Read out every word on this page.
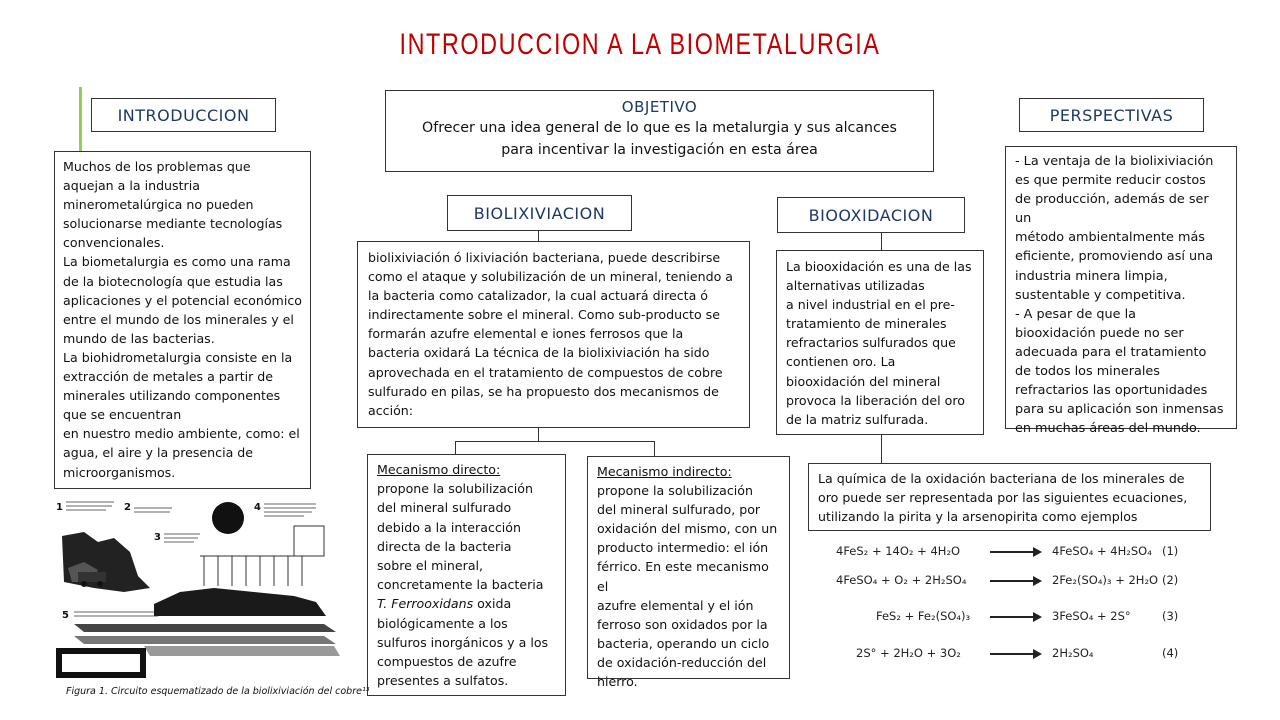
INTRODUCCION A LA BIOMETALURGIA
INTRODUCCION
Muchos de los problemas que
aquejan a la industria
minerometalúrgica no pueden
solucionarse mediante tecnologías
convencionales.
La biometalurgia es como una rama
de la biotecnología que estudia las
aplicaciones y el potencial económico
entre el mundo de los minerales y el
mundo de las bacterias.
La biohidrometalurgia consiste en la
extracción de metales a partir de
minerales utilizando componentes
que se encuentran
en nuestro medio ambiente, como: el
agua, el aire y la presencia de
microorganismos.
OBJETIVO
Ofrecer una idea general de lo que es la metalurgia y sus alcances
para incentivar la investigación en esta área
PERSPECTIVAS
- La ventaja de la biolixiviación
es que permite reducir costos
de producción, además de ser un
método ambientalmente más
eficiente, promoviendo así una
industria minera limpia,
sustentable y competitiva.
- A pesar de que la
biooxidación puede no ser
adecuada para el tratamiento
de todos los minerales
refractarios las oportunidades
para su aplicación son inmensas
en muchas áreas del mundo.
BIOLIXIVIACION
biolixiviación ó lixiviación bacteriana, puede describirse
como el ataque y solubilización de un mineral, teniendo a
la bacteria como catalizador, la cual actuará directa ó
indirectamente sobre el mineral. Como sub-producto se
formarán azufre elemental e iones ferrosos que la
bacteria oxidará La técnica de la biolixiviación ha sido
aprovechada en el tratamiento de compuestos de cobre
sulfurado en pilas, se ha propuesto dos mecanismos de
acción:
Mecanismo directo:
propone la solubilización
del mineral sulfurado
debido a la interacción
directa de la bacteria
sobre el mineral,
concretamente la bacteria
T. Ferrooxidans oxida
biológicamente a los
sulfuros inorgánicos y a los
compuestos de azufre
presentes a sulfatos.
Mecanismo indirecto:
propone la solubilización
del mineral sulfurado, por
oxidación del mismo, con un
producto intermedio: el ión
férrico. En este mecanismo el
azufre elemental y el ión
ferroso son oxidados por la
bacteria, operando un ciclo
de oxidación-reducción del
hierro.
BIOOXIDACION
La biooxidación es una de las
alternativas utilizadas
a nivel industrial en el pre-
tratamiento de minerales
refractarios sulfurados que
contienen oro. La
biooxidación del mineral
provoca la liberación del oro
de la matriz sulfurada.
La química de la oxidación bacteriana de los minerales de
oro puede ser representada por las siguientes ecuaciones,
utilizando la pirita y la arsenopirita como ejemplos
4FeS₂ + 14O₂ + 4H₂O	4FeSO₄ + 4H₂SO₄ (1)
4FeSO₄ + O₂ + 2H₂SO₄	2Fe₂(SO₄)₃ + 2H₂O (2)
FeS₂ + Fe₂(SO₄)₃	3FeSO₄ + 2S°	(3)
2S° + 2H₂O + 3O₂	2H₂SO₄	(4)
1	2
3
4
5
Figura 1. Circuito esquematizado de la biolixiviación del cobre¹³
